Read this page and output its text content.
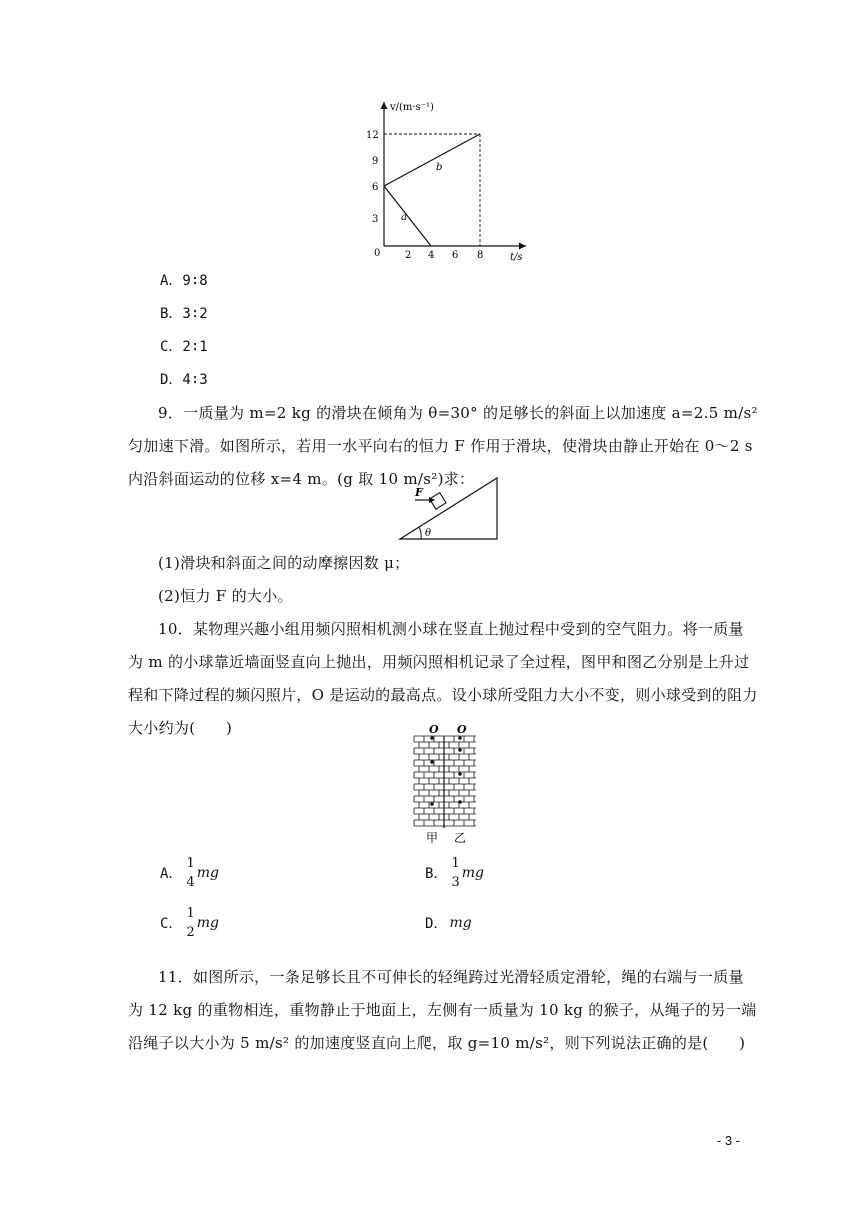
v/(m·s⁻¹)
t/s
0
12
9
6
3
2 4 6 8
b
a
A．9∶8
B．3∶2
C．2∶1
D．4∶3
9．一质量为 m=2 kg 的滑块在倾角为 θ=30° 的足够长的斜面上以加速度 a=2.5 m/s²
匀加速下滑。如图所示，若用一水平向右的恒力 F 作用于滑块，使滑块由静止开始在 0～2 s
内沿斜面运动的位移 x=4 m。(g 取 10 m/s²)求：
F
θ
(1)滑块和斜面之间的动摩擦因数 μ；
(2)恒力 F 的大小。
10．某物理兴趣小组用频闪照相机测小球在竖直上抛过程中受到的空气阻力。将一质量
为 m 的小球靠近墙面竖直向上抛出，用频闪照相机记录了全过程，图甲和图乙分别是上升过
程和下降过程的频闪照片，O 是运动的最高点。设小球所受阻力大小不变，则小球受到的阻力
大小约为(　　)	O O
甲 乙
A．
1
4
mg	B．
1
3
mg
C．
1
2
mg	D． mg
11．如图所示，一条足够长且不可伸长的轻绳跨过光滑轻质定滑轮，绳的右端与一质量
为 12 kg 的重物相连，重物静止于地面上，左侧有一质量为 10 kg 的猴子，从绳子的另一端
沿绳子以大小为 5 m/s² 的加速度竖直向上爬，取 g=10 m/s²，则下列说法正确的是(　　)
- 3 -
